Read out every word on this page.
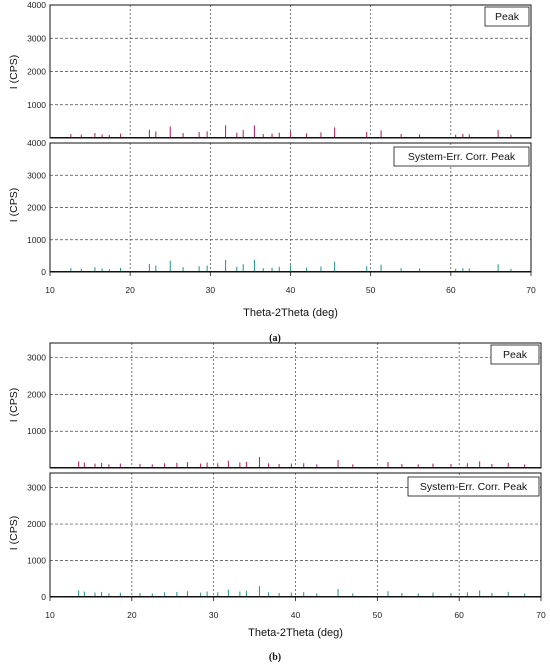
1000
2000
3000
4000
I (CPS)
Peak
0
1000
2000
3000
4000
10	20	30	40	50	60	70
I (CPS)
Theta-2Theta (deg)
System-Err. Corr. Peak
1000
2000
3000
I (CPS)
Peak
0
1000
2000
3000
10	20	30	40	50	60	70
I (CPS)
Theta-2Theta (deg)
System-Err. Corr. Peak
(a)
(b)
